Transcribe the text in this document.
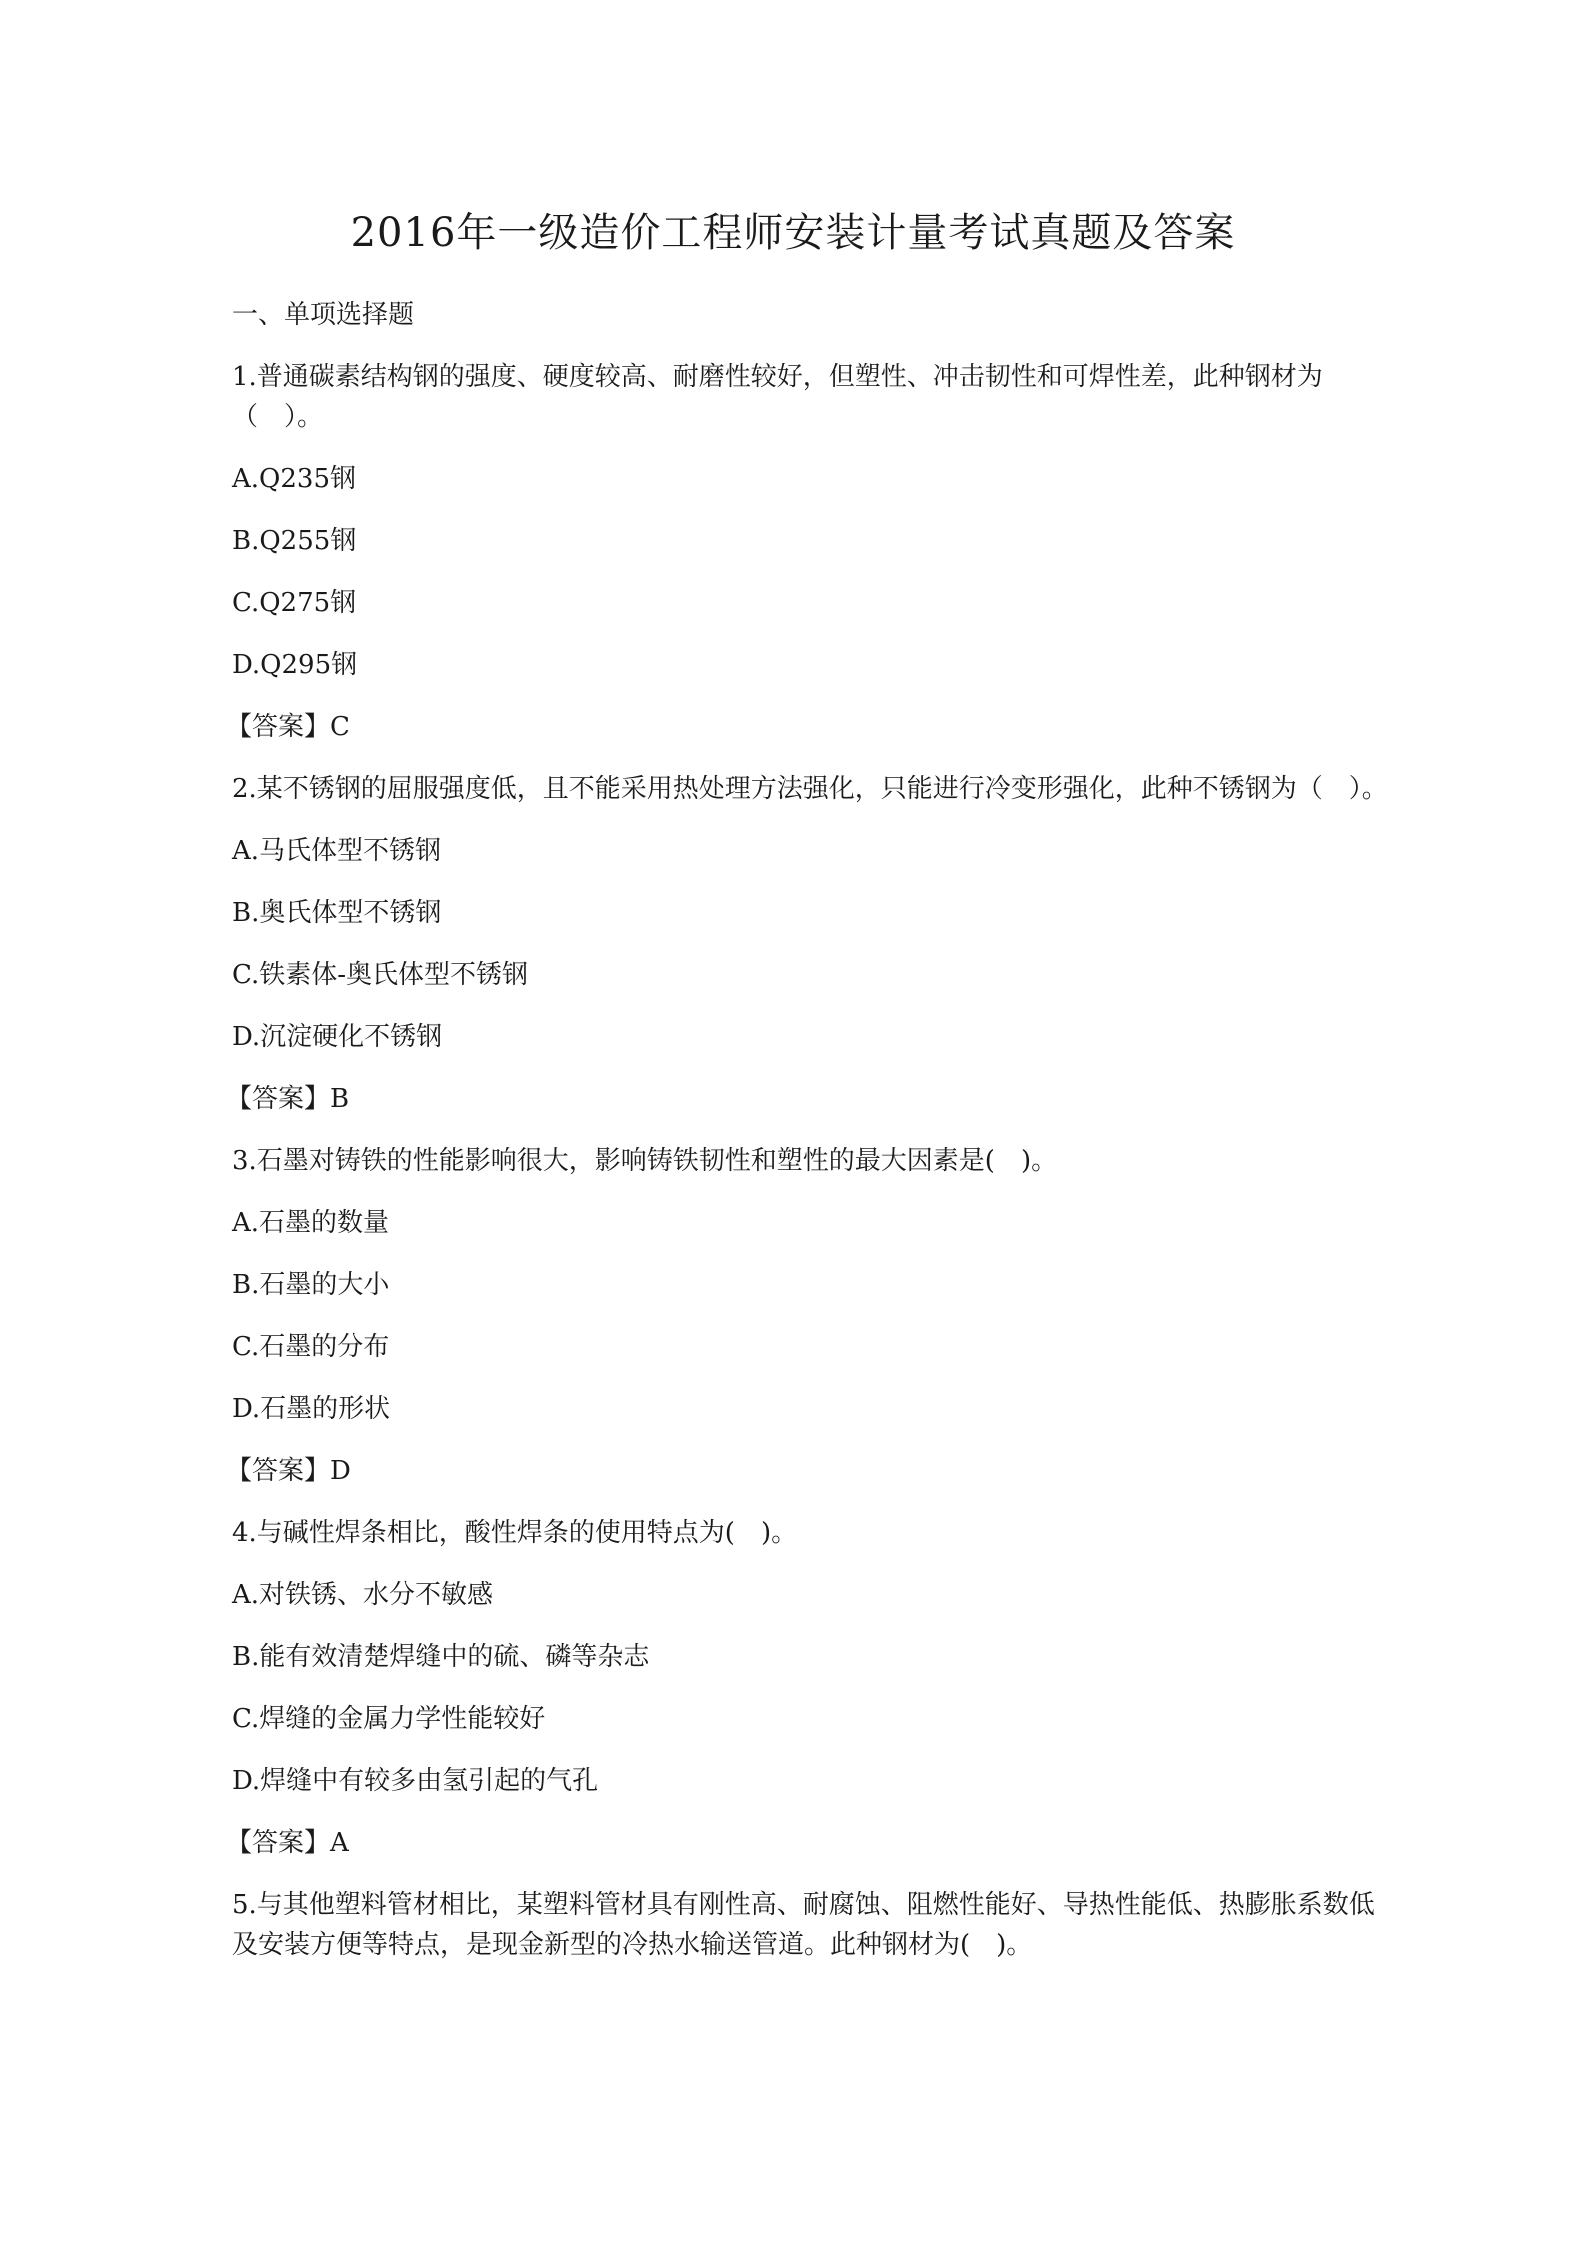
2016年一级造价工程师安装计量考试真题及答案

一、单项选择题

1.普通碳素结构钢的强度、硬度较高、耐磨性较好，但塑性、冲击韧性和可焊性差，此种钢材为（　）。

A.Q235钢

B.Q255钢

C.Q275钢

D.Q295钢

【答案】C

2.某不锈钢的屈服强度低，且不能采用热处理方法强化，只能进行冷变形强化，此种不锈钢为（　）。

A.马氏体型不锈钢

B.奥氏体型不锈钢

C.铁素体-奥氏体型不锈钢

D.沉淀硬化不锈钢

【答案】B

3.石墨对铸铁的性能影响很大，影响铸铁韧性和塑性的最大因素是(　)。

A.石墨的数量

B.石墨的大小

C.石墨的分布

D.石墨的形状

【答案】D

4.与碱性焊条相比，酸性焊条的使用特点为(　)。

A.对铁锈、水分不敏感

B.能有效清楚焊缝中的硫、磷等杂志

C.焊缝的金属力学性能较好

D.焊缝中有较多由氢引起的气孔

【答案】A

5.与其他塑料管材相比，某塑料管材具有刚性高、耐腐蚀、阻燃性能好、导热性能低、热膨胀系数低及安装方便等特点，是现金新型的冷热水输送管道。此种钢材为(　)。
